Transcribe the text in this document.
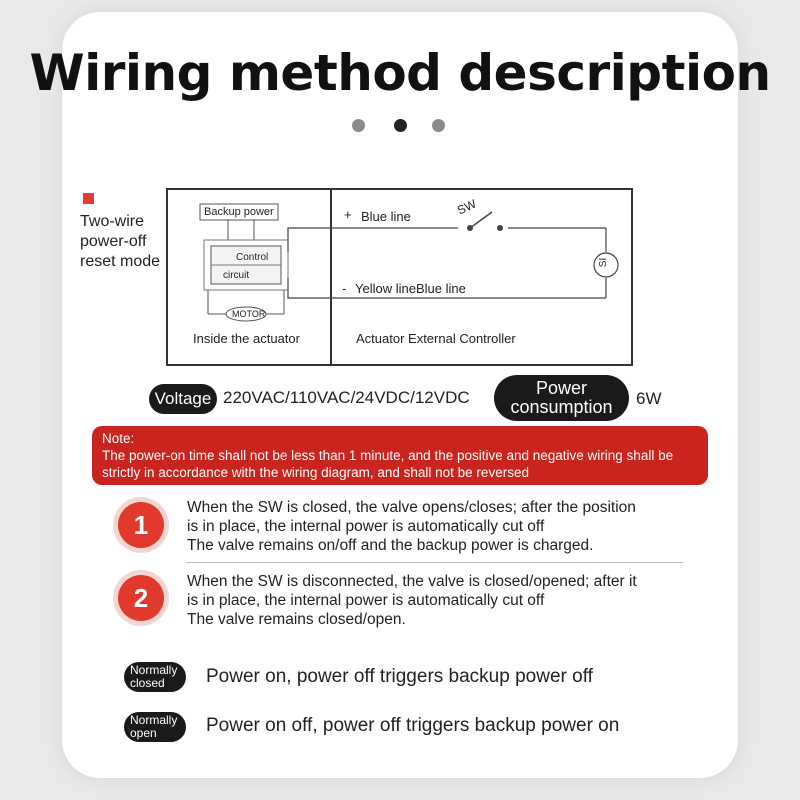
Wiring method description
Two-wire power-off reset mode
Backup power
Control
circuit
MOTOR
Inside the actuator	Actuator External Controller
+ Blue line
- Yellow lineBlue line
SW
SI
Voltage 220VAC/110VAC/24VDC/12VDC	Power
consumption	6W
Note:
The power-on time shall not be less than 1 minute, and the positive and negative wiring shall be strictly in accordance with the wiring diagram, and shall not be reversed
1
When the SW is closed, the valve opens/closes; after the position
is in place, the internal power is automatically cut off
The valve remains on/off and the backup power is charged.
2
When the SW is disconnected, the valve is closed/opened; after it
is in place, the internal power is automatically cut off
The valve remains closed/open.
Normally
closed	Power on, power off triggers backup power off
Normally
open	Power on off, power off triggers backup power on
